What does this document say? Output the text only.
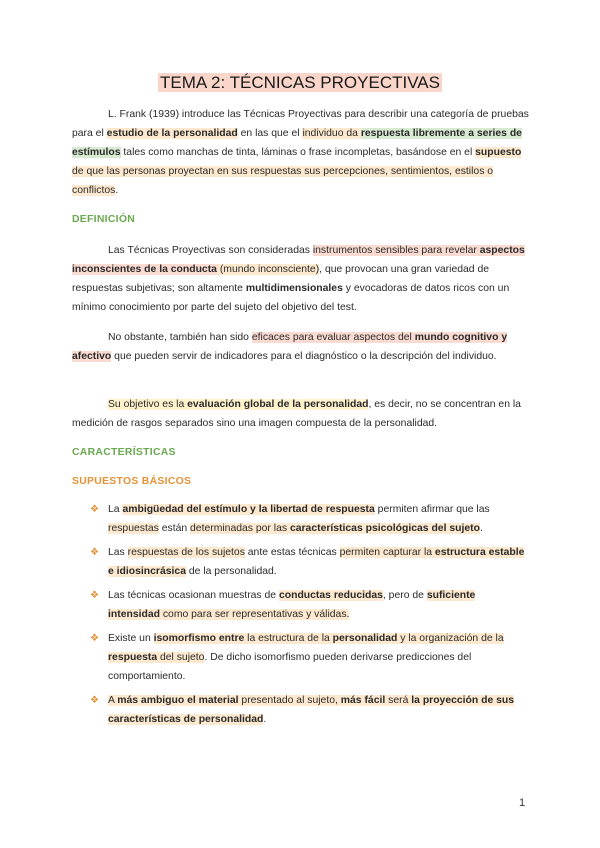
TEMA 2: TÉCNICAS PROYECTIVAS

L. Frank (1939) introduce las Técnicas Proyectivas para describir una categoría de pruebas para el estudio de la personalidad en las que el individuo da respuesta libremente a series de estímulos tales como manchas de tinta, láminas o frase incompletas, basándose en el supuesto de que las personas proyectan en sus respuestas sus percepciones, sentimientos, estilos o conflictos.

DEFINICIÓN

Las Técnicas Proyectivas son consideradas instrumentos sensibles para revelar aspectos inconscientes de la conducta (mundo inconsciente), que provocan una gran variedad de respuestas subjetivas; son altamente multidimensionales y evocadoras de datos ricos con un mínimo conocimiento por parte del sujeto del objetivo del test.

No obstante, también han sido eficaces para evaluar aspectos del mundo cognitivo y afectivo que pueden servir de indicadores para el diagnóstico o la descripción del individuo.

Su objetivo es la evaluación global de la personalidad, es decir, no se concentran en la medición de rasgos separados sino una imagen compuesta de la personalidad.

CARACTERÍSTICAS
SUPUESTOS BÁSICOS
❖ La ambigüedad del estímulo y la libertad de respuesta permiten afirmar que las respuestas están determinadas por las características psicológicas del sujeto.
❖ Las respuestas de los sujetos ante estas técnicas permiten capturar la estructura estable e idiosincrásica de la personalidad.
❖ Las técnicas ocasionan muestras de conductas reducidas, pero de suficiente intensidad como para ser representativas y válidas.
❖ Existe un isomorfismo entre la estructura de la personalidad y la organización de la respuesta del sujeto. De dicho isomorfismo pueden derivarse predicciones del comportamiento.
❖ A más ambiguo el material presentado al sujeto, más fácil será la proyección de sus características de personalidad.
1
